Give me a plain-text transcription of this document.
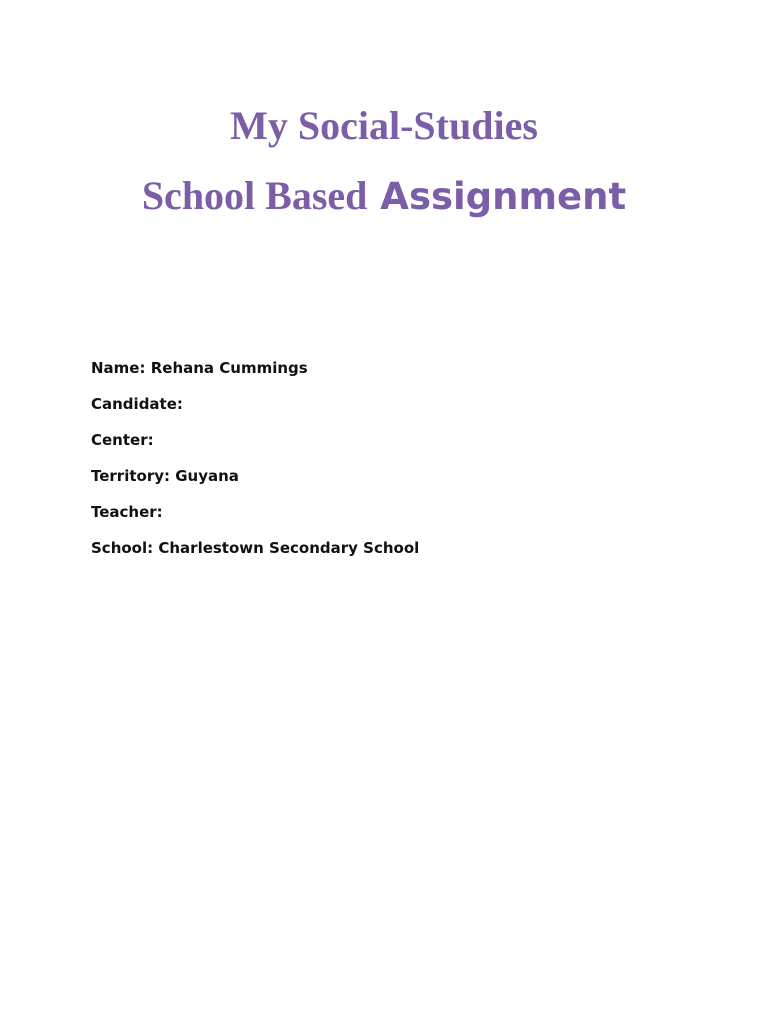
My Social-Studies
School Based Assignment
Name: Rehana Cummings
Candidate:
Center:
Territory: Guyana
Teacher:
School: Charlestown Secondary School
